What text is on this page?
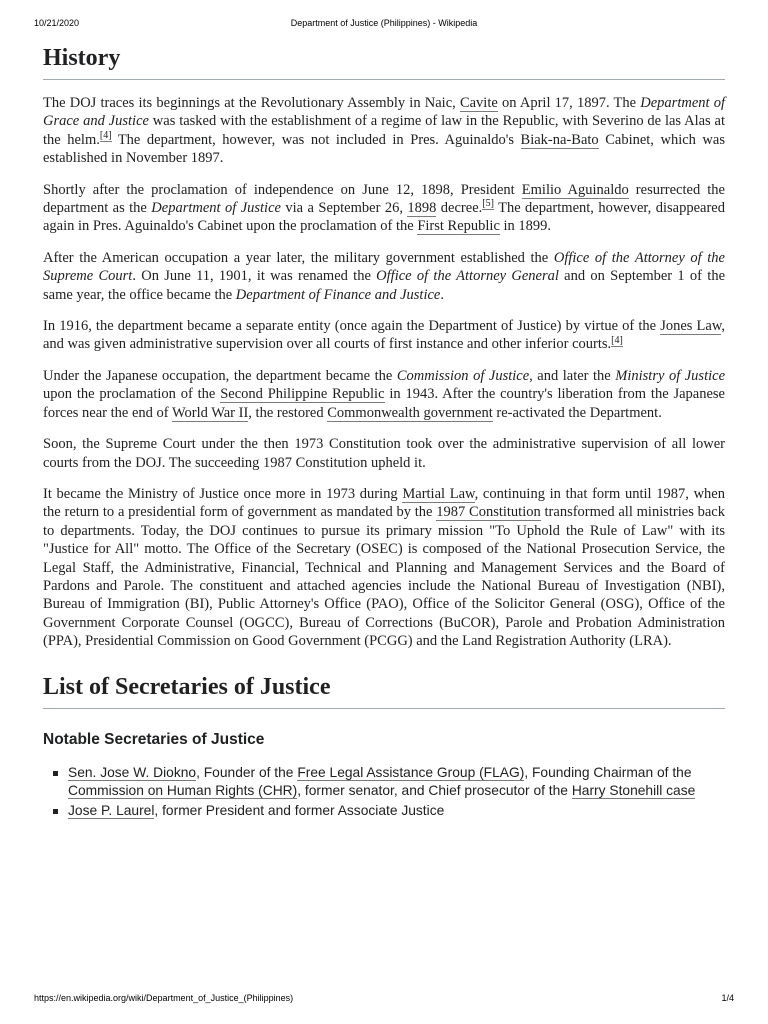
10/21/2020	Department of Justice (Philippines) - Wikipedia
History

The DOJ traces its beginnings at the Revolutionary Assembly in Naic, Cavite on April 17, 1897. The Department of Grace and Justice was tasked with the establishment of a regime of law in the Republic, with Severino de las Alas at the helm.[4] The department, however, was not included in Pres. Aguinaldo's Biak-na-Bato Cabinet, which was established in November 1897.

Shortly after the proclamation of independence on June 12, 1898, President Emilio Aguinaldo resurrected the department as the Department of Justice via a September 26, 1898 decree.[5] The department, however, disappeared again in Pres. Aguinaldo's Cabinet upon the proclamation of the First Republic in 1899.

After the American occupation a year later, the military government established the Office of the Attorney of the Supreme Court. On June 11, 1901, it was renamed the Office of the Attorney General and on September 1 of the same year, the office became the Department of Finance and Justice.

In 1916, the department became a separate entity (once again the Department of Justice) by virtue of the Jones Law, and was given administrative supervision over all courts of first instance and other inferior courts.[4]

Under the Japanese occupation, the department became the Commission of Justice, and later the Ministry of Justice upon the proclamation of the Second Philippine Republic in 1943. After the country's liberation from the Japanese forces near the end of World War II, the restored Commonwealth government re-activated the Department.

Soon, the Supreme Court under the then 1973 Constitution took over the administrative supervision of all lower courts from the DOJ. The succeeding 1987 Constitution upheld it.

It became the Ministry of Justice once more in 1973 during Martial Law, continuing in that form until 1987, when the return to a presidential form of government as mandated by the 1987 Constitution transformed all ministries back to departments. Today, the DOJ continues to pursue its primary mission "To Uphold the Rule of Law" with its "Justice for All" motto. The Office of the Secretary (OSEC) is composed of the National Prosecution Service, the Legal Staff, the Administrative, Financial, Technical and Planning and Management Services and the Board of Pardons and Parole. The constituent and attached agencies include the National Bureau of Investigation (NBI), Bureau of Immigration (BI), Public Attorney's Office (PAO), Office of the Solicitor General (OSG), Office of the Government Corporate Counsel (OGCC), Bureau of Corrections (BuCOR), Parole and Probation Administration (PPA), Presidential Commission on Good Government (PCGG) and the Land Registration Authority (LRA).

List of Secretaries of Justice
Notable Secretaries of Justice
Sen. Jose W. Diokno, Founder of the Free Legal Assistance Group (FLAG), Founding Chairman of the Commission on Human Rights (CHR), former senator, and Chief prosecutor of the Harry Stonehill case
Jose P. Laurel, former President and former Associate Justice
https://en.wikipedia.org/wiki/Department_of_Justice_(Philippines)	1/4
